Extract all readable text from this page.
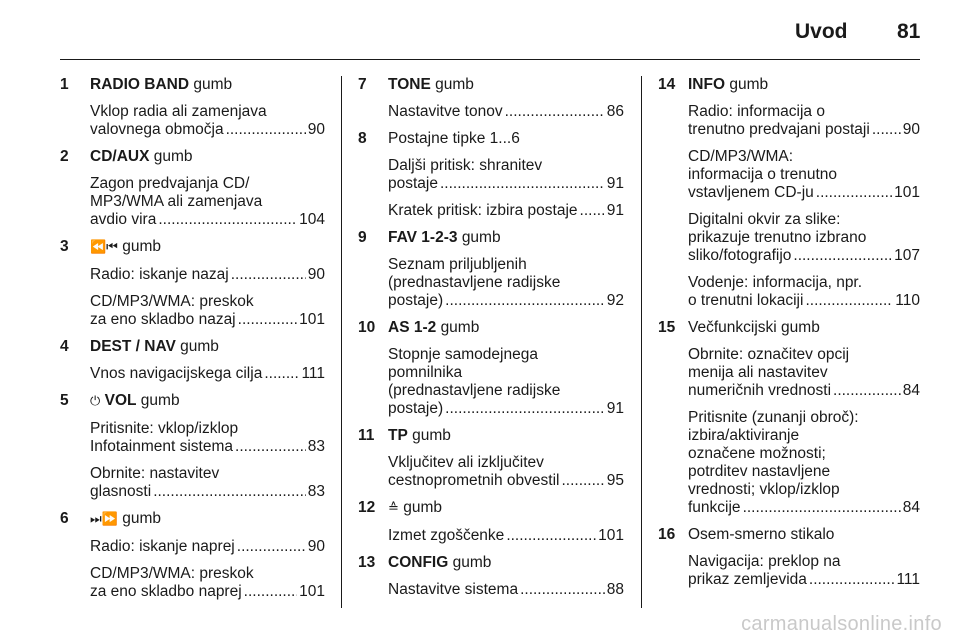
Uvod 81
1 RADIO BAND gumb
Vklop radia ali zamenjava
valovnega območja .....	90
2 CD/AUX gumb
Zagon predvajanja CD/
MP3/WMA ali zamenjava
avdio vira .....	104
3 ⏪⏮ gumb
Radio: iskanje nazaj .....	90
CD/MP3/WMA: preskok
za eno skladbo nazaj .....	101
4 DEST / NAV gumb
Vnos navigacijskega cilja .....	111
5 ⏻ VOL gumb
Pritisnite: vklop/izklop
Infotainment sistema .....	83
Obrnite: nastavitev
glasnosti .....	83
6 ⏭⏩ gumb
Radio: iskanje naprej .....	90
CD/MP3/WMA: preskok
za eno skladbo naprej .....	101
7 TONE gumb
Nastavitve tonov .....	86
8 Postajne tipke 1...6
Daljši pritisk: shranitev
postaje .....	91
Kratek pritisk: izbira postaje ..... 91
9 FAV 1-2-3 gumb
Seznam priljubljenih
(prednastavljene radijske
postaje) .....	92
10 AS 1-2 gumb
Stopnje samodejnega
pomnilnika
(prednastavljene radijske
postaje) .....	91
11 TP gumb
Vključitev ali izključitev
cestnoprometnih obvestil .....	95
12 ≙ gumb
Izmet zgoščenke .....	101
13 CONFIG gumb
Nastavitve sistema .....	88
14 INFO gumb
Radio: informacija o
trenutno predvajani postaji ..... 90
CD/MP3/WMA:
informacija o trenutno
vstavljenem CD-ju .....	101
Digitalni okvir za slike:
prikazuje trenutno izbrano
sliko/fotografijo .....	107
Vodenje: informacija, npr.
o trenutni lokaciji .....	110
15 Večfunkcijski gumb
Obrnite: označitev opcij
menija ali nastavitev
numeričnih vrednosti .....	84
Pritisnite (zunanji obroč):
izbira/aktiviranje
označene možnosti;
potrditev nastavljene
vrednosti; vklop/izklop
funkcije .....	84
16 Osem-smerno stikalo
Navigacija: preklop na
prikaz zemljevida .....	111
carmanualsonline.info
